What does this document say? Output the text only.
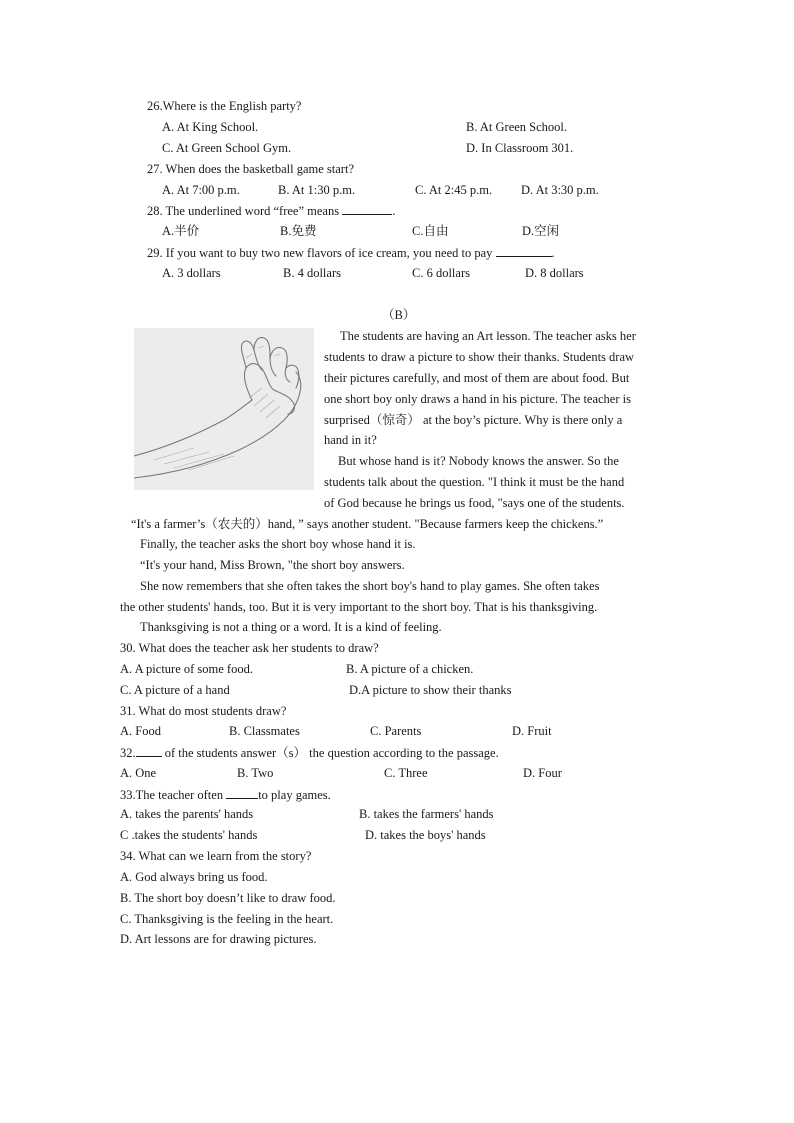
26.Where is the English party?
A. At King School.	B. At Green School.
C. At Green School Gym.	D. In Classroom 301.
27. When does the basketball game start?
A. At 7:00 p.m.	B. At 1:30 p.m.	C. At 2:45 p.m. D. At 3:30 p.m.
28. The underlined word “free” means	.
A.半价	B.免费	C.自由	D.空闲
29. If you want to buy two new flavors of ice cream, you need to pay	.
A. 3 dollars	B. 4 dollars	C. 6 dollars	D. 8 dollars
（B）
The students are having an Art lesson. The teacher asks her
students to draw a picture to show their thanks. Students draw
their pictures carefully, and most of them are about food. But
one short boy only draws a hand in his picture. The teacher is
surprised（惊奇） at the boy’s picture. Why is there only a
hand in it?
But whose hand is it? Nobody knows the answer. So the
students talk about the question. "I think it must be the hand
of God because he brings us food, "says one of the students.
“It's a farmer’s（农夫的）hand, ” says another student. "Because farmers keep the chickens.”
Finally, the teacher asks the short boy whose hand it is.
“It's your hand, Miss Brown, "the short boy answers.
She now remembers that she often takes the short boy's hand to play games. She often takes
the other students' hands, too. But it is very important to the short boy. That is his thanksgiving.
Thanksgiving is not a thing or a word. It is a kind of feeling.
30. What does the teacher ask her students to draw?
A. A picture of some food.	B. A picture of a chicken.
C. A picture of a hand	D.A picture to show their thanks
31. What do most students draw?
A. Food	B. Classmates	C. Parents	D. Fruit
32. of the students answer（s） the question according to the passage.
A. One	B. Two	C. Three	D. Four
33.The teacher often	to play games.
A. takes the parents' hands	B. takes the farmers' hands
C .takes the students' hands	D. takes the boys' hands
34. What can we learn from the story?
A. God always bring us food.
B. The short boy doesn’t like to draw food.
C. Thanksgiving is the feeling in the heart.
D. Art lessons are for drawing pictures.
